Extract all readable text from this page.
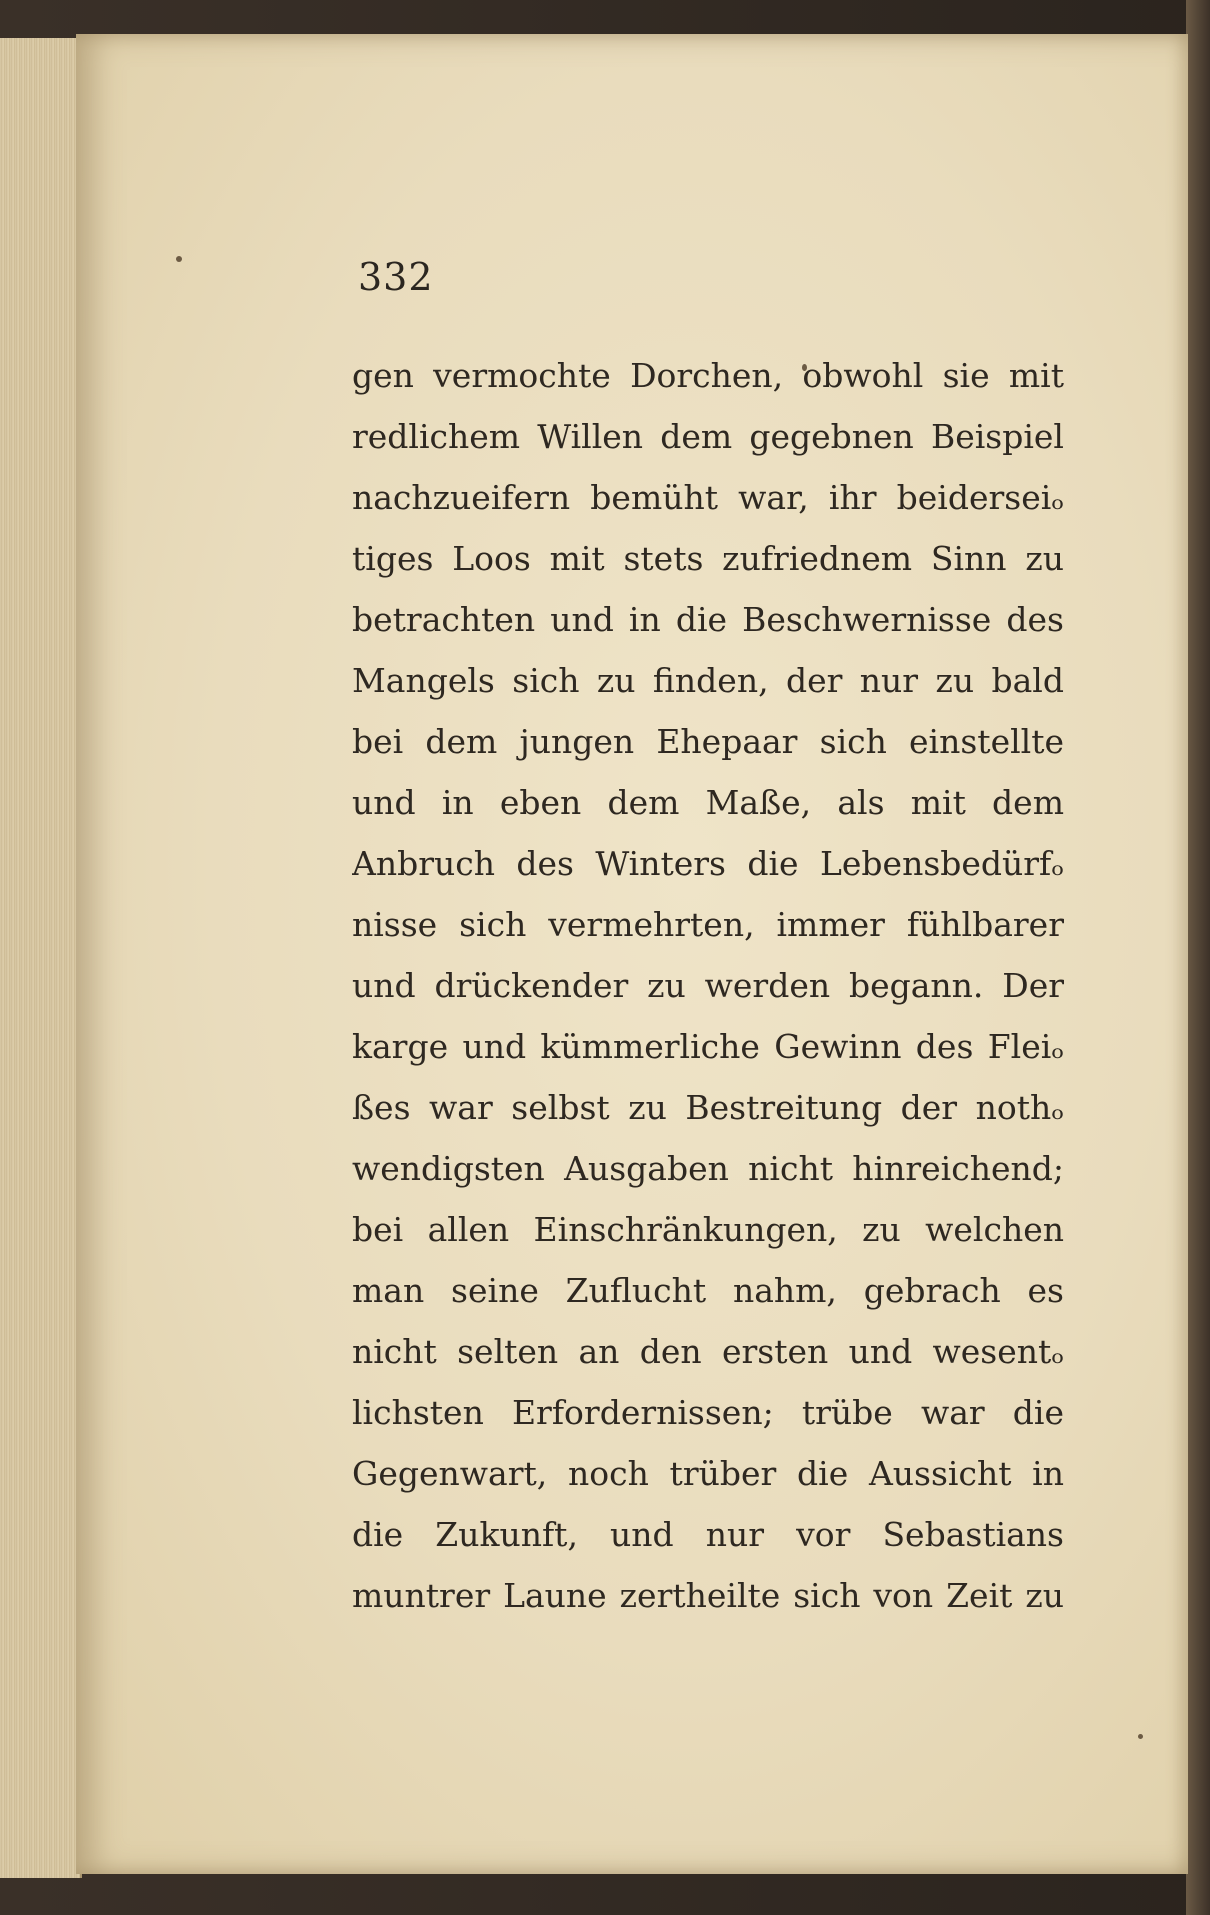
332

gen vermochte Dorchen, obwohl sie mit
redlichem Willen dem gegebnen Beispiel
nachzueifern bemüht war, ihr beiderseiₒ
tiges Loos mit stets zufriednem Sinn zu
betrachten und in die Beschwernisse des
Mangels sich zu finden, der nur zu bald
bei dem jungen Ehepaar sich einstellte
und in eben dem Maße, als mit dem
Anbruch des Winters die Lebensbedürfₒ
nisse sich vermehrten, immer fühlbarer
und drückender zu werden begann. Der
karge und kümmerliche Gewinn des Fleiₒ
ßes war selbst zu Bestreitung der nothₒ
wendigsten Ausgaben nicht hinreichend;
bei allen Einschränkungen, zu welchen
man seine Zuflucht nahm, gebrach es
nicht selten an den ersten und wesentₒ
lichsten Erfordernissen; trübe war die
Gegenwart, noch trüber die Aussicht in
die Zukunft, und nur vor Sebastians
muntrer Laune zertheilte sich von Zeit zu
